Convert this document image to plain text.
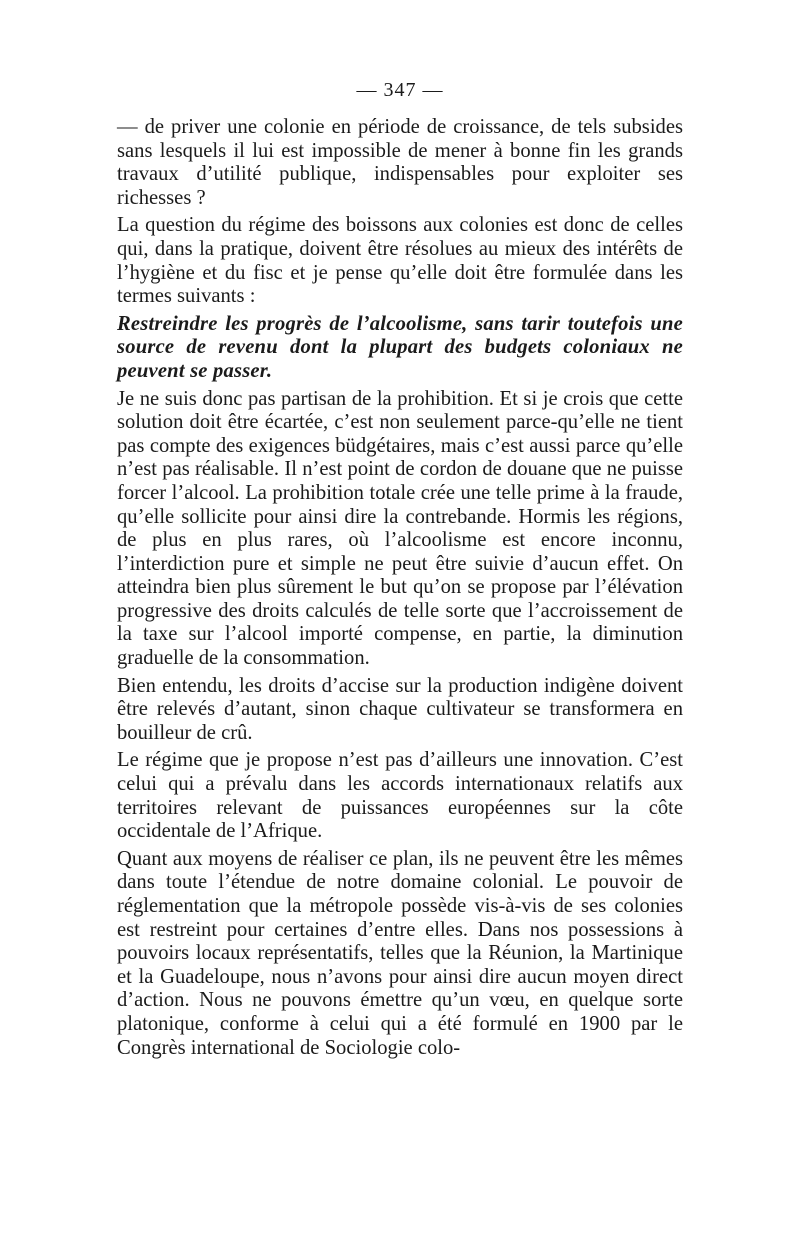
— 347 —

— de priver une colonie en période de croissance, de tels subsides sans lesquels il lui est impossible de mener à bonne fin les grands travaux d’utilité publique, indispensables pour exploiter ses richesses ?

La question du régime des boissons aux colonies est donc de celles qui, dans la pratique, doivent être résolues au mieux des intérêts de l’hygiène et du fisc et je pense qu’elle doit être formulée dans les termes suivants :

Restreindre les progrès de l’alcoolisme, sans tarir toutefois une source de revenu dont la plupart des budgets coloniaux ne peuvent se passer.

Je ne suis donc pas partisan de la prohibition. Et si je crois que cette solution doit être écartée, c’est non seulement parce-qu’elle ne tient pas compte des exigences büdgétaires, mais c’est aussi parce qu’elle n’est pas réalisable. Il n’est point de cordon de douane que ne puisse forcer l’alcool. La prohibition totale crée une telle prime à la fraude, qu’elle sollicite pour ainsi dire la contrebande. Hormis les régions, de plus en plus rares, où l’alcoolisme est encore inconnu, l’interdiction pure et simple ne peut être suivie d’aucun effet. On atteindra bien plus sûrement le but qu’on se propose par l’élévation progressive des droits calculés de telle sorte que l’accroissement de la taxe sur l’alcool importé compense, en partie, la diminution graduelle de la consommation.

Bien entendu, les droits d’accise sur la production indigène doivent être relevés d’autant, sinon chaque cultivateur se transformera en bouilleur de crû.

Le régime que je propose n’est pas d’ailleurs une innovation. C’est celui qui a prévalu dans les accords internationaux relatifs aux territoires relevant de puissances européennes sur la côte occidentale de l’Afrique.

Quant aux moyens de réaliser ce plan, ils ne peuvent être les mêmes dans toute l’étendue de notre domaine colonial. Le pouvoir de réglementation que la métropole possède vis-à-vis de ses colonies est restreint pour certaines d’entre elles. Dans nos possessions à pouvoirs locaux représentatifs, telles que la Réunion, la Martinique et la Guadeloupe, nous n’avons pour ainsi dire aucun moyen direct d’action. Nous ne pouvons émettre qu’un vœu, en quelque sorte platonique, conforme à celui qui a été formulé en 1900 par le Congrès international de Sociologie colo-
